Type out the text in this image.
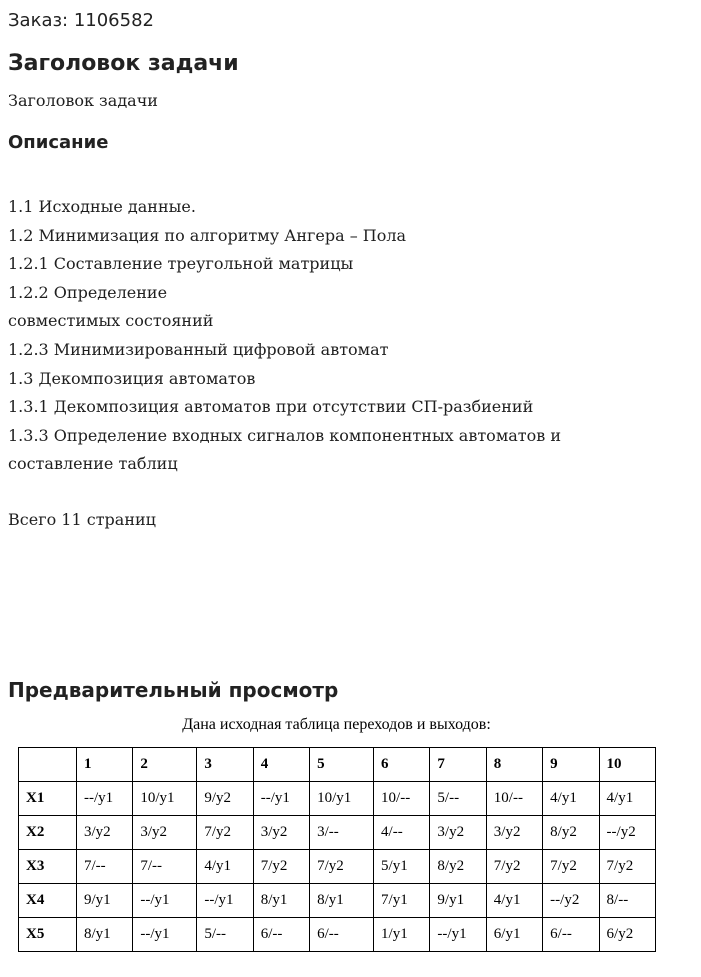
Заказ: 1106582
Заголовок задачи
Заголовок задачи
Описание
1.1 Исходные данные.
1.2 Минимизация по алгоритму Ангера – Пола
1.2.1 Составление треугольной матрицы
1.2.2 Определение
совместимых состояний
1.2.3 Минимизированный цифровой автомат
1.3 Декомпозиция автоматов
1.3.1 Декомпозиция автоматов при отсутствии СП-разбиений
1.3.3 Определение входных сигналов компонентных автоматов и
составление таблиц
Всего 11 страниц
Предварительный просмотр
Дана исходная таблица переходов и выходов:
	1	2	3	4	5	6	7	8	9	10
X1	--/y1	10/y1	9/y2	--/y1	10/y1	10/--	5/--	10/--	4/y1	4/y1
X2	3/y2	3/y2	7/y2	3/y2	3/--	4/--	3/y2	3/y2	8/y2	--/y2
X3	7/--	7/--	4/y1	7/y2	7/y2	5/y1	8/y2	7/y2	7/y2	7/y2
X4	9/y1	--/y1	--/y1	8/y1	8/y1	7/y1	9/y1	4/y1	--/y2	8/--
X5	8/y1	--/y1	5/--	6/--	6/--	1/y1	--/y1	6/y1	6/--	6/y2
